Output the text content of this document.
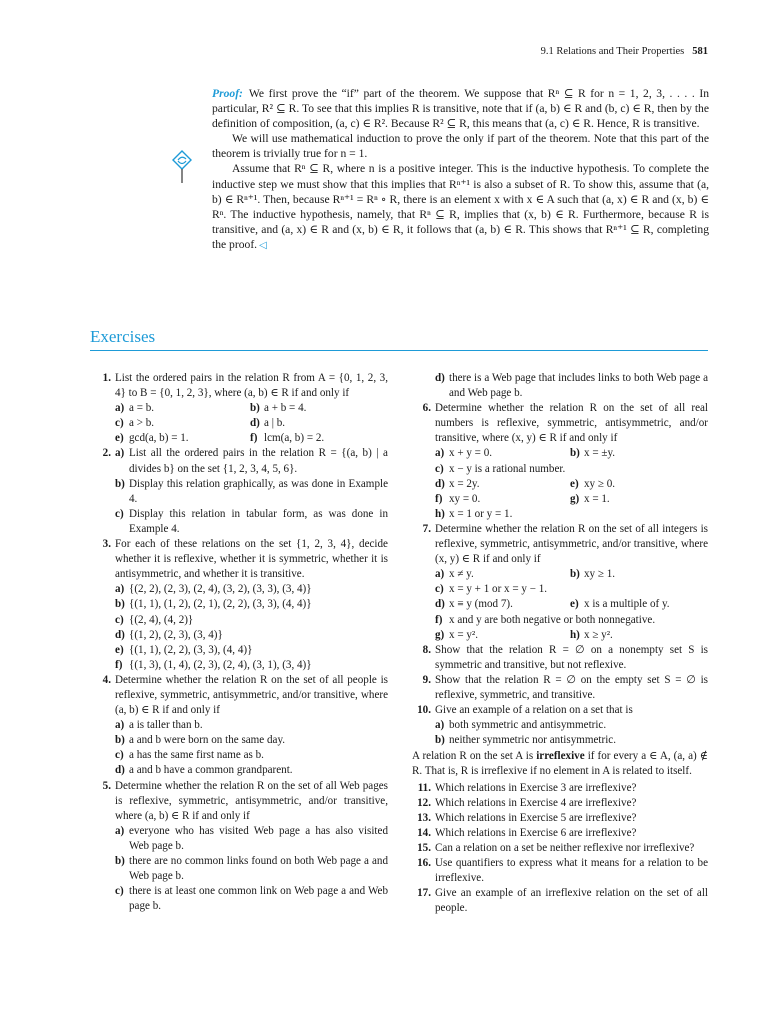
9.1 Relations and Their Properties 581

Proof: We first prove the “if” part of the theorem. We suppose that Rⁿ ⊆ R for n = 1, 2, 3, . . . . In particular, R² ⊆ R. To see that this implies R is transitive, note that if (a, b) ∈ R and (b, c) ∈ R, then by the definition of composition, (a, c) ∈ R². Because R² ⊆ R, this means that (a, c) ∈ R. Hence, R is transitive.

We will use mathematical induction to prove the only if part of the theorem. Note that this part of the theorem is trivially true for n = 1.

Assume that Rⁿ ⊆ R, where n is a positive integer. This is the inductive hypothesis. To complete the inductive step we must show that this implies that Rⁿ⁺¹ is also a subset of R. To show this, assume that (a, b) ∈ Rⁿ⁺¹. Then, because Rⁿ⁺¹ = Rⁿ ∘ R, there is an element x with x ∈ A such that (a, x) ∈ R and (x, b) ∈ Rⁿ. The inductive hypothesis, namely, that Rⁿ ⊆ R, implies that (x, b) ∈ R. Furthermore, because R is transitive, and (a, x) ∈ R and (x, b) ∈ R, it follows that (a, b) ∈ R. This shows that Rⁿ⁺¹ ⊆ R, completing the proof. ◁

Exercises
1 . List the ordered pairs in the relation R from A = {0, 1, 2, 3, 4} to B = {0, 1, 2, 3}, where (a, b) ∈ R if and only if
a ) a = b.	b ) a + b = 4.
c ) a > b.	d ) a | b.
e ) gcd(a, b) = 1.	f ) lcm(a, b) = 2.
2 . a ) List all the ordered pairs in the relation R = {(a, b) | a divides b} on the set {1, 2, 3, 4, 5, 6}.
b ) Display this relation graphically, as was done in Example 4.
c ) Display this relation in tabular form, as was done in Example 4.
3 . For each of these relations on the set {1, 2, 3, 4}, decide whether it is reflexive, whether it is symmetric, whether it is antisymmetric, and whether it is transitive.
a ) {(2, 2), (2, 3), (2, 4), (3, 2), (3, 3), (3, 4)}
b ) {(1, 1), (1, 2), (2, 1), (2, 2), (3, 3), (4, 4)}
c ) {(2, 4), (4, 2)}
d ) {(1, 2), (2, 3), (3, 4)}
e ) {(1, 1), (2, 2), (3, 3), (4, 4)}
f ) {(1, 3), (1, 4), (2, 3), (2, 4), (3, 1), (3, 4)}
4 . Determine whether the relation R on the set of all people is reflexive, symmetric, antisymmetric, and/or transitive, where (a, b) ∈ R if and only if
a ) a is taller than b.
b ) a and b were born on the same day.
c ) a has the same first name as b.
d ) a and b have a common grandparent.
5 . Determine whether the relation R on the set of all Web pages is reflexive, symmetric, antisymmetric, and/or transitive, where (a, b) ∈ R if and only if
a ) everyone who has visited Web page a has also visited Web page b.
b ) there are no common links found on both Web page a and Web page b.
c ) there is at least one common link on Web page a and Web page b.
d ) there is a Web page that includes links to both Web page a and Web page b.
6 . Determine whether the relation R on the set of all real numbers is reflexive, symmetric, antisymmetric, and/or transitive, where (x, y) ∈ R if and only if
a ) x + y = 0.	b ) x = ±y.
c ) x − y is a rational number.
d ) x = 2y.	e ) xy ≥ 0.
f ) xy = 0.	g ) x = 1.
h ) x = 1 or y = 1.
7 . Determine whether the relation R on the set of all integers is reflexive, symmetric, antisymmetric, and/or transitive, where (x, y) ∈ R if and only if
a ) x ≠ y.	b ) xy ≥ 1.
c ) x = y + 1 or x = y − 1.
d ) x ≡ y (mod 7).	e ) x is a multiple of y.
f ) x and y are both negative or both nonnegative.
g ) x = y².	h ) x ≥ y².
8 . Show that the relation R = ∅ on a nonempty set S is symmetric and transitive, but not reflexive.
9 . Show that the relation R = ∅ on the empty set S = ∅ is reflexive, symmetric, and transitive.
10 . Give an example of a relation on a set that is
a ) both symmetric and antisymmetric.
b ) neither symmetric nor antisymmetric.

A relation R on the set A is irreflexive if for every a ∈ A, (a, a) ∉ R. That is, R is irreflexive if no element in A is related to itself.

11 . Which relations in Exercise 3 are irreflexive?
12 . Which relations in Exercise 4 are irreflexive?
13 . Which relations in Exercise 5 are irreflexive?
14 . Which relations in Exercise 6 are irreflexive?
15 . Can a relation on a set be neither reflexive nor irreflexive?
16 . Use quantifiers to express what it means for a relation to be irreflexive.
17 . Give an example of an irreflexive relation on the set of all people.
